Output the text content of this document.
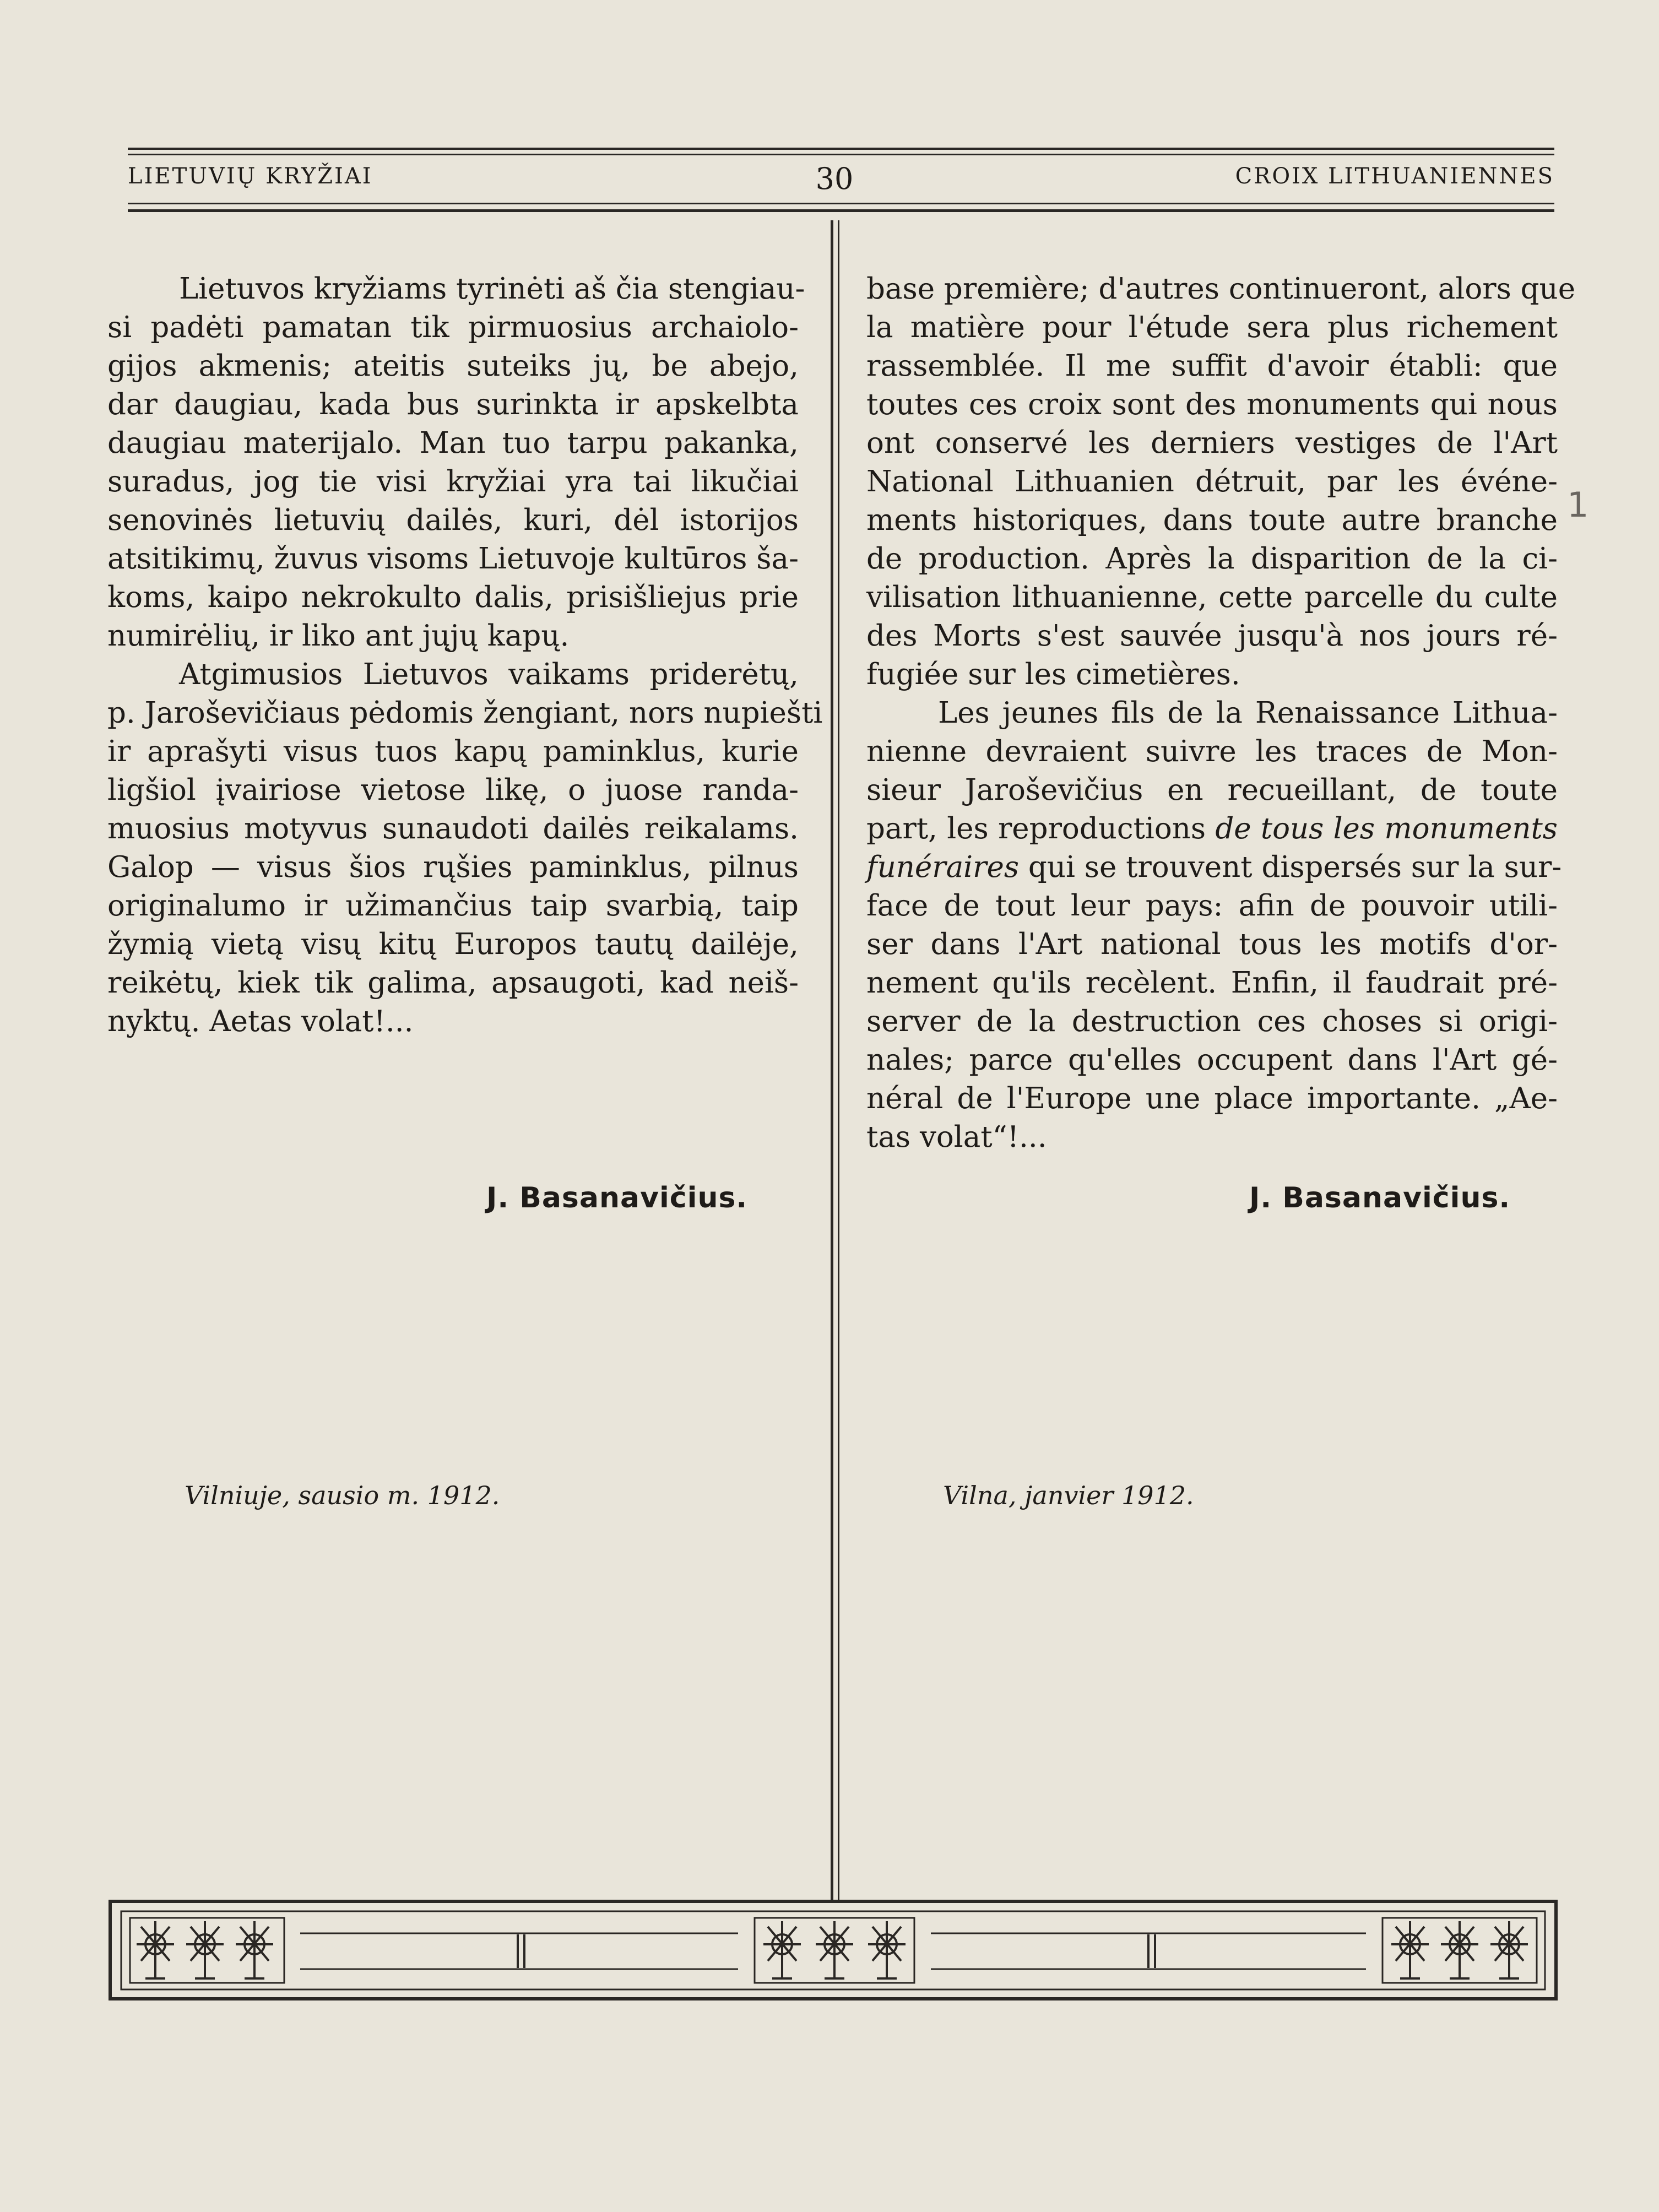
LIETUVIŲ KRYŽIAI	30	CROIX LITHUANIENNES
Lietuvos kryžiams tyrinėti aš čia stengiau-
si padėti pamatan tik pirmuosius archaiolo-
gijos akmenis; ateitis suteiks jų, be abejo,
dar daugiau, kada bus surinkta ir apskelbta
daugiau materijalo. Man tuo tarpu pakanka,
suradus, jog tie visi kryžiai yra tai likučiai
senovinės lietuvių dailės, kuri, dėl istorijos
atsitikimų, žuvus visoms Lietuvoje kultūros ša-
koms, kaipo nekrokulto dalis, prisišliejus prie
numirėlių, ir liko ant jųjų kapų.
Atgimusios Lietuvos vaikams priderėtų,
p. Jaroševičiaus pėdomis žengiant, nors nupiešti
ir aprašyti visus tuos kapų paminklus, kurie
ligšiol įvairiose vietose likę, o juose randa-
muosius motyvus sunaudoti dailės reikalams.
Galop — visus šios rųšies paminklus, pilnus
originalumo ir užimančius taip svarbią, taip
žymią vietą visų kitų Europos tautų dailėje,
reikėtų, kiek tik galima, apsaugoti, kad neiš-
nyktų. Aetas volat!...
J. Basanavičius.
Vilniuje, sausio m. 1912.
base première; d'autres continueront, alors que
la matière pour l'étude sera plus richement
rassemblée. Il me suffit d'avoir établi: que
toutes ces croix sont des monuments qui nous
ont conservé les derniers vestiges de l'Art
National Lithuanien détruit, par les événe-
ments historiques, dans toute autre branche
de production. Après la disparition de la ci-
vilisation lithuanienne, cette parcelle du culte
des Morts s'est sauvée jusqu'à nos jours ré-
fugiée sur les cimetières.
Les jeunes fils de la Renaissance Lithua-
nienne devraient suivre les traces de Mon-
sieur Jaroševičius en recueillant, de toute
part, les reproductions de tous les monuments
funéraires qui se trouvent dispersés sur la sur-
face de tout leur pays: afin de pouvoir utili-
ser dans l'Art national tous les motifs d'or-
nement qu'ils recèlent. Enfin, il faudrait pré-
server de la destruction ces choses si origi-
nales; parce qu'elles occupent dans l'Art gé-
néral de l'Europe une place importante. „Ae-
tas volat“!...
J. Basanavičius.
Vilna, janvier 1912.
1
